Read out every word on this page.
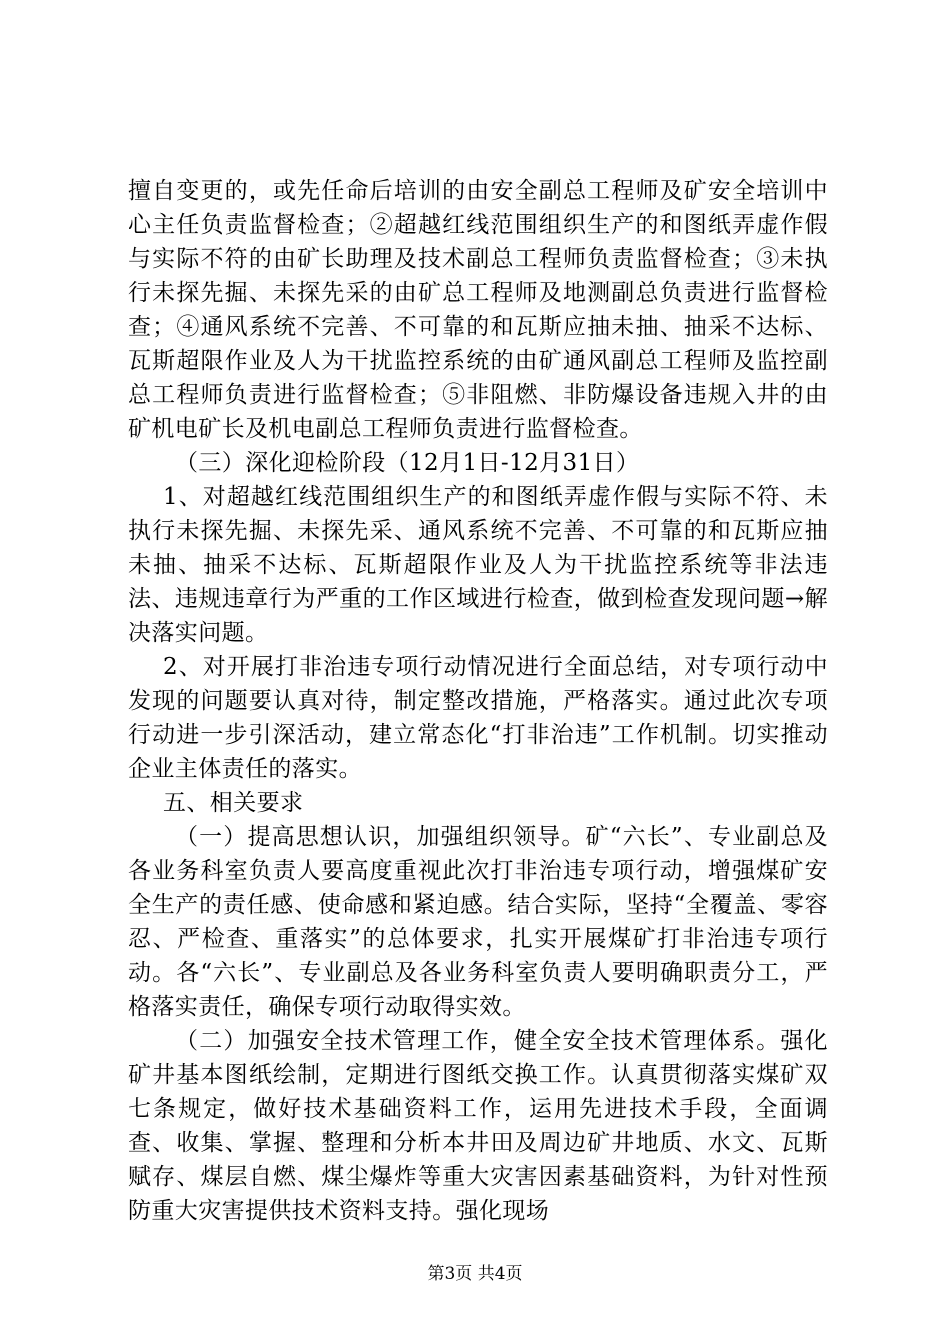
擅自变更的，或先任命后培训的由安全副总工程师及矿安全培训中心主任负责监督检查；②超越红线范围组织生产的和图纸弄虚作假与实际不符的由矿长助理及技术副总工程师负责监督检查；③未执行未探先掘、未探先采的由矿总工程师及地测副总负责进行监督检查；④通风系统不完善、不可靠的和瓦斯应抽未抽、抽采不达标、瓦斯超限作业及人为干扰监控系统的由矿通风副总工程师及监控副总工程师负责进行监督检查；⑤非阻燃、非防爆设备违规入井的由矿机电矿长及机电副总工程师负责进行监督检查。

（三）深化迎检阶段（12月1日-12月31日）

1、对超越红线范围组织生产的和图纸弄虚作假与实际不符、未执行未探先掘、未探先采、通风系统不完善、不可靠的和瓦斯应抽未抽、抽采不达标、瓦斯超限作业及人为干扰监控系统等非法违法、违规违章行为严重的工作区域进行检查，做到检查发现问题→解决落实问题。

2、对开展打非治违专项行动情况进行全面总结，对专项行动中发现的问题要认真对待，制定整改措施，严格落实。通过此次专项行动进一步引深活动，建立常态化“打非治违”工作机制。切实推动企业主体责任的落实。

五、相关要求

（一）提高思想认识，加强组织领导。矿“六长”、专业副总及各业务科室负责人要高度重视此次打非治违专项行动，增强煤矿安全生产的责任感、使命感和紧迫感。结合实际，坚持“全覆盖、零容忍、严检查、重落实”的总体要求，扎实开展煤矿打非治违专项行动。各“六长”、专业副总及各业务科室负责人要明确职责分工，严格落实责任，确保专项行动取得实效。

（二）加强安全技术管理工作，健全安全技术管理体系。强化矿井基本图纸绘制，定期进行图纸交换工作。认真贯彻落实煤矿双七条规定，做好技术基础资料工作，运用先进技术手段，全面调查、收集、掌握、整理和分析本井田及周边矿井地质、水文、瓦斯赋存、煤层自燃、煤尘爆炸等重大灾害因素基础资料，为针对性预防重大灾害提供技术资料支持。强化现场

第3页 共4页
